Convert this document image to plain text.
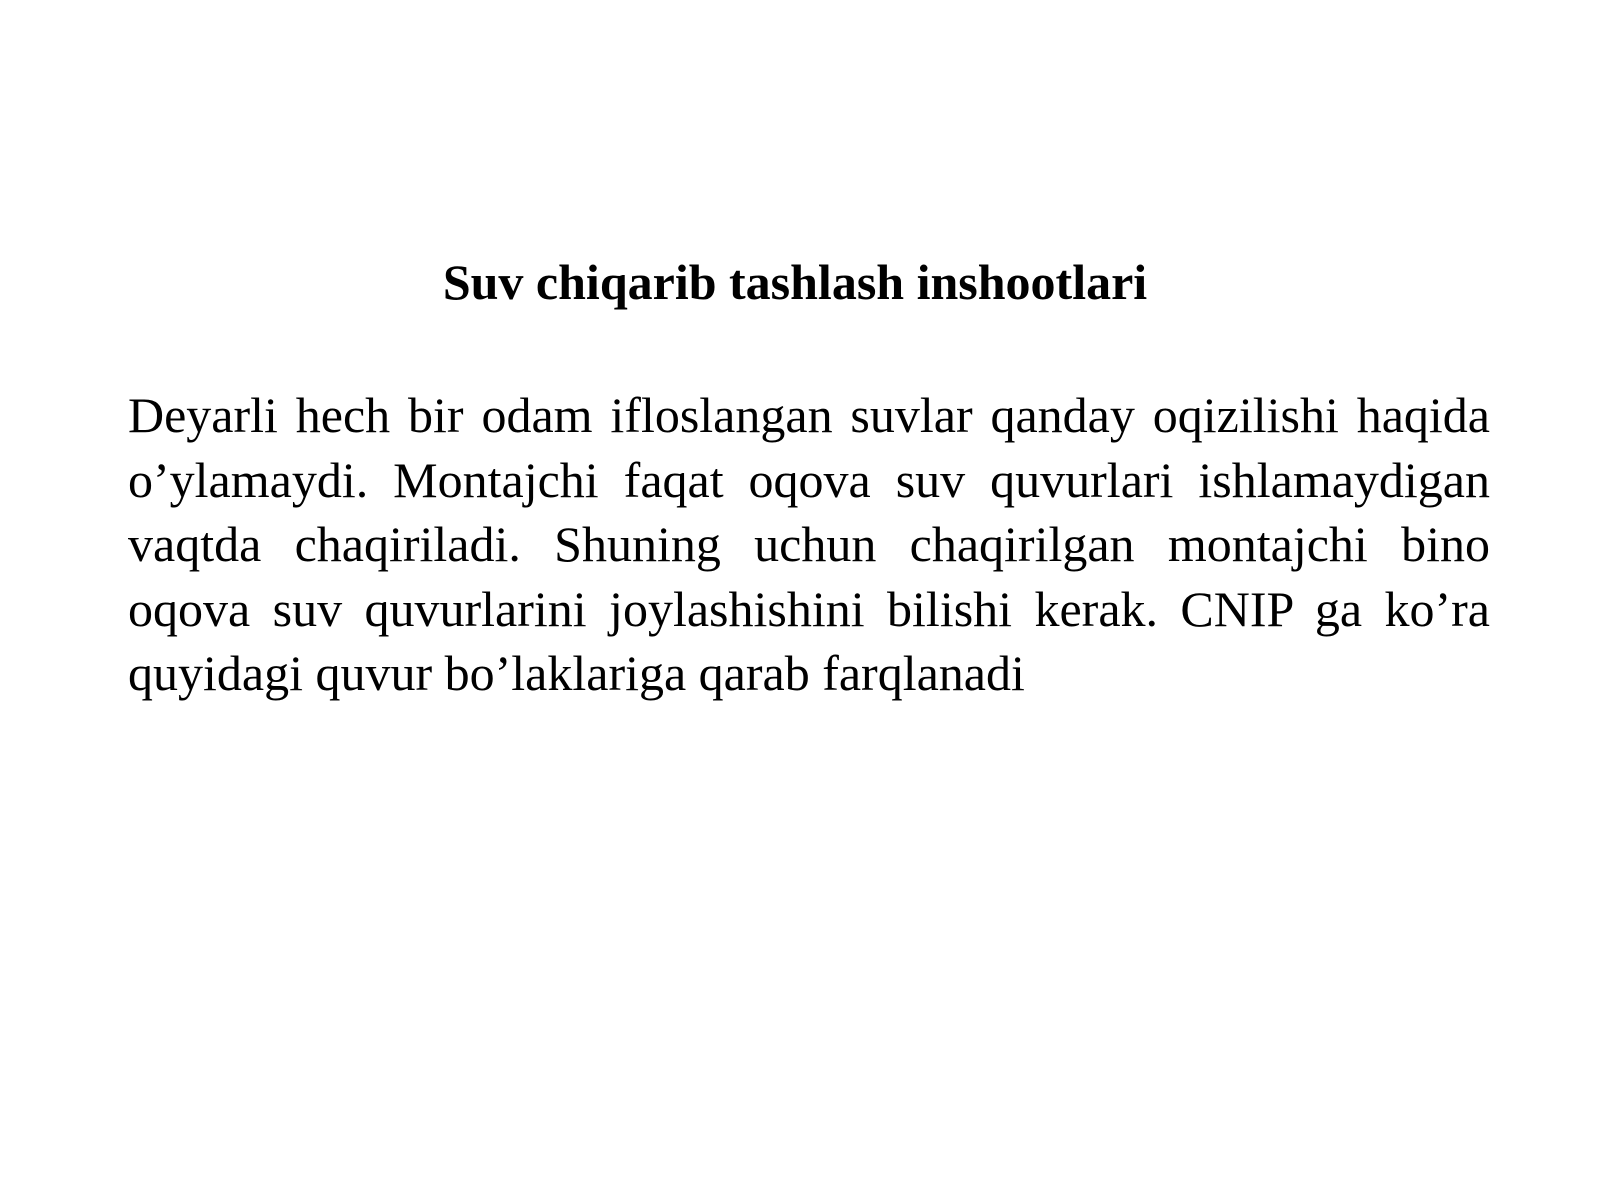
Suv chiqarib tashlash inshootlari

Deyarli hech bir odam ifloslangan suvlar qanday oqizilishi haqida o’ylamaydi. Montajchi faqat oqova suv quvurlari ishlamaydigan vaqtda chaqiriladi. Shuning uchun chaqirilgan montajchi bino oqova suv quvurlarini joylashishini bilishi kerak. CNIP ga ko’ra quyidagi quvur bo’laklariga qarab farqlanadi
